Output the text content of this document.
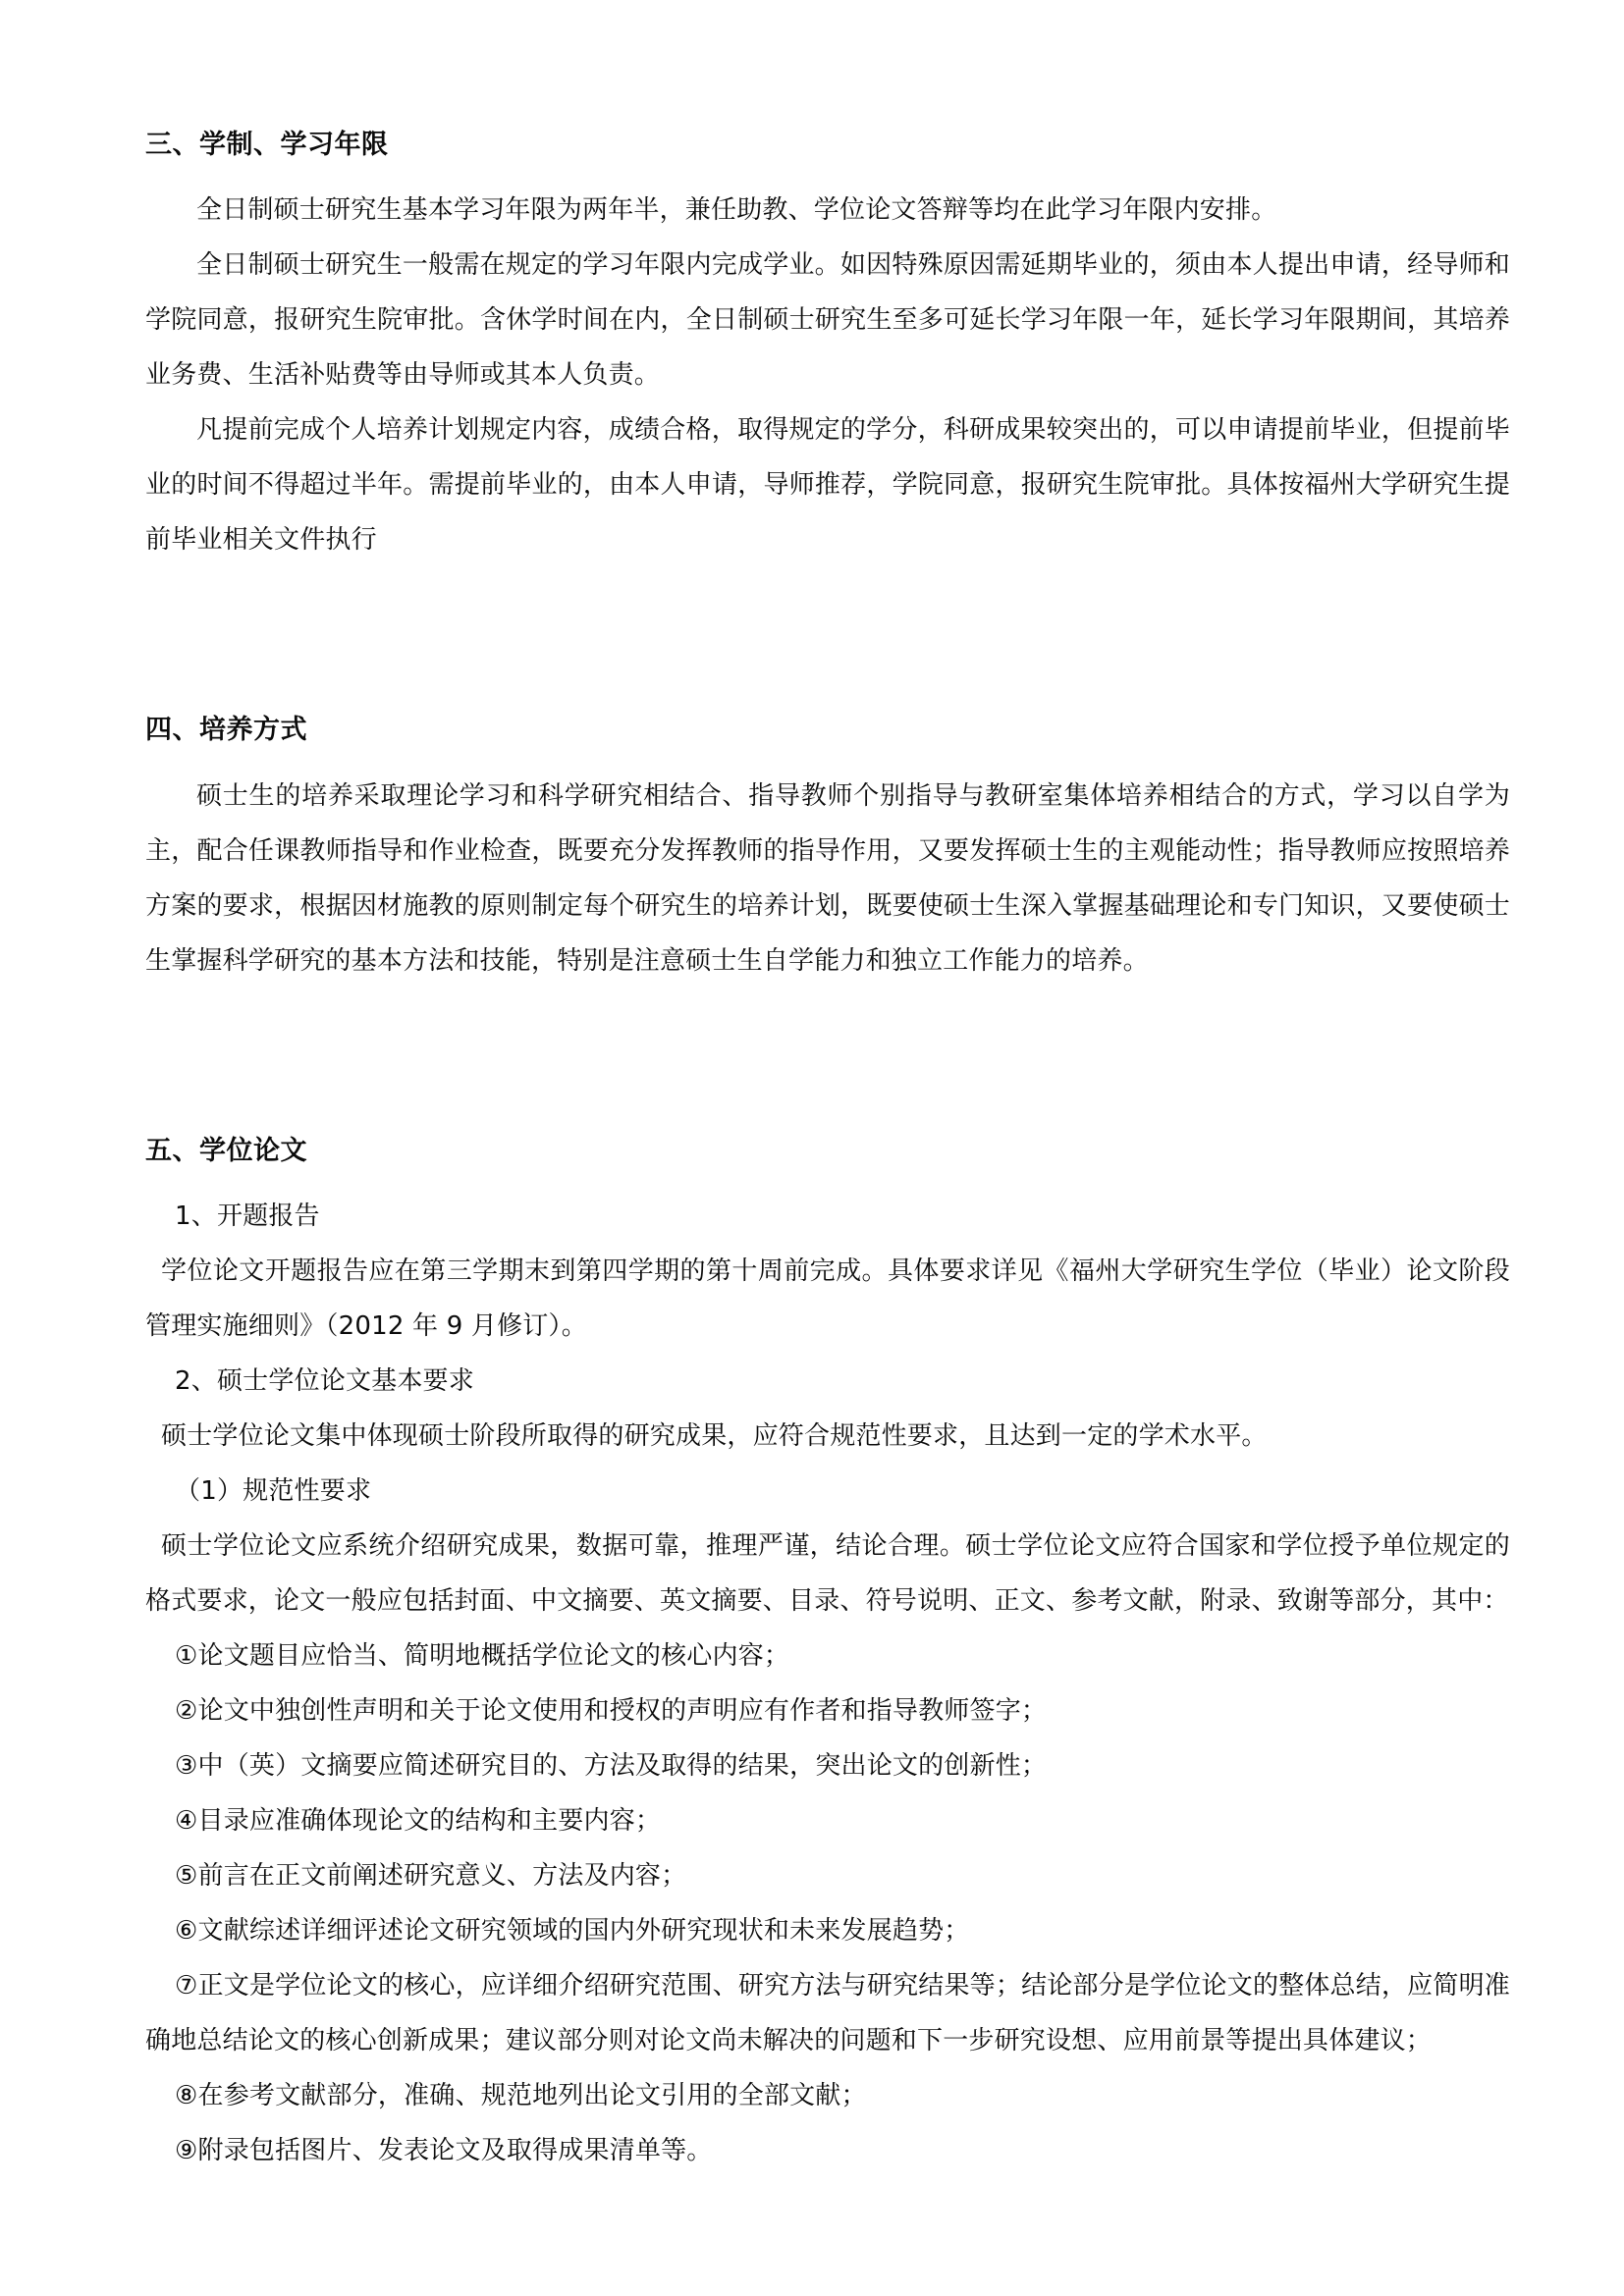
三、学制、学习年限

全日制硕士研究生基本学习年限为两年半，兼任助教、学位论文答辩等均在此学习年限内安排。

全日制硕士研究生一般需在规定的学习年限内完成学业。如因特殊原因需延期毕业的，须由本人提出申请，经导师和学院同意，报研究生院审批。含休学时间在内，全日制硕士研究生至多可延长学习年限一年，延长学习年限期间，其培养业务费、生活补贴费等由导师或其本人负责。

凡提前完成个人培养计划规定内容，成绩合格，取得规定的学分，科研成果较突出的，可以申请提前毕业，但提前毕业的时间不得超过半年。需提前毕业的，由本人申请，导师推荐，学院同意，报研究生院审批。具体按福州大学研究生提前毕业相关文件执行

四、培养方式

硕士生的培养采取理论学习和科学研究相结合、指导教师个别指导与教研室集体培养相结合的方式，学习以自学为主，配合任课教师指导和作业检查，既要充分发挥教师的指导作用，又要发挥硕士生的主观能动性；指导教师应按照培养方案的要求，根据因材施教的原则制定每个研究生的培养计划，既要使硕士生深入掌握基础理论和专门知识，又要使硕士生掌握科学研究的基本方法和技能，特别是注意硕士生自学能力和独立工作能力的培养。

五、学位论文

1、开题报告

学位论文开题报告应在第三学期末到第四学期的第十周前完成。具体要求详见《福州大学研究生学位（毕业）论文阶段管理实施细则》（2012 年 9 月修订）。

2、硕士学位论文基本要求

硕士学位论文集中体现硕士阶段所取得的研究成果，应符合规范性要求，且达到一定的学术水平。

（1）规范性要求

硕士学位论文应系统介绍研究成果，数据可靠，推理严谨，结论合理。硕士学位论文应符合国家和学位授予单位规定的格式要求，论文一般应包括封面、中文摘要、英文摘要、目录、符号说明、正文、参考文献，附录、致谢等部分，其中：

①论文题目应恰当、简明地概括学位论文的核心内容；

②论文中独创性声明和关于论文使用和授权的声明应有作者和指导教师签字；

③中（英）文摘要应简述研究目的、方法及取得的结果，突出论文的创新性；

④目录应准确体现论文的结构和主要内容；

⑤前言在正文前阐述研究意义、方法及内容；

⑥文献综述详细评述论文研究领域的国内外研究现状和未来发展趋势；

⑦正文是学位论文的核心，应详细介绍研究范围、研究方法与研究结果等；结论部分是学位论文的整体总结，应简明准确地总结论文的核心创新成果；建议部分则对论文尚未解决的问题和下一步研究设想、应用前景等提出具体建议；

⑧在参考文献部分，准确、规范地列出论文引用的全部文献；

⑨附录包括图片、发表论文及取得成果清单等。
